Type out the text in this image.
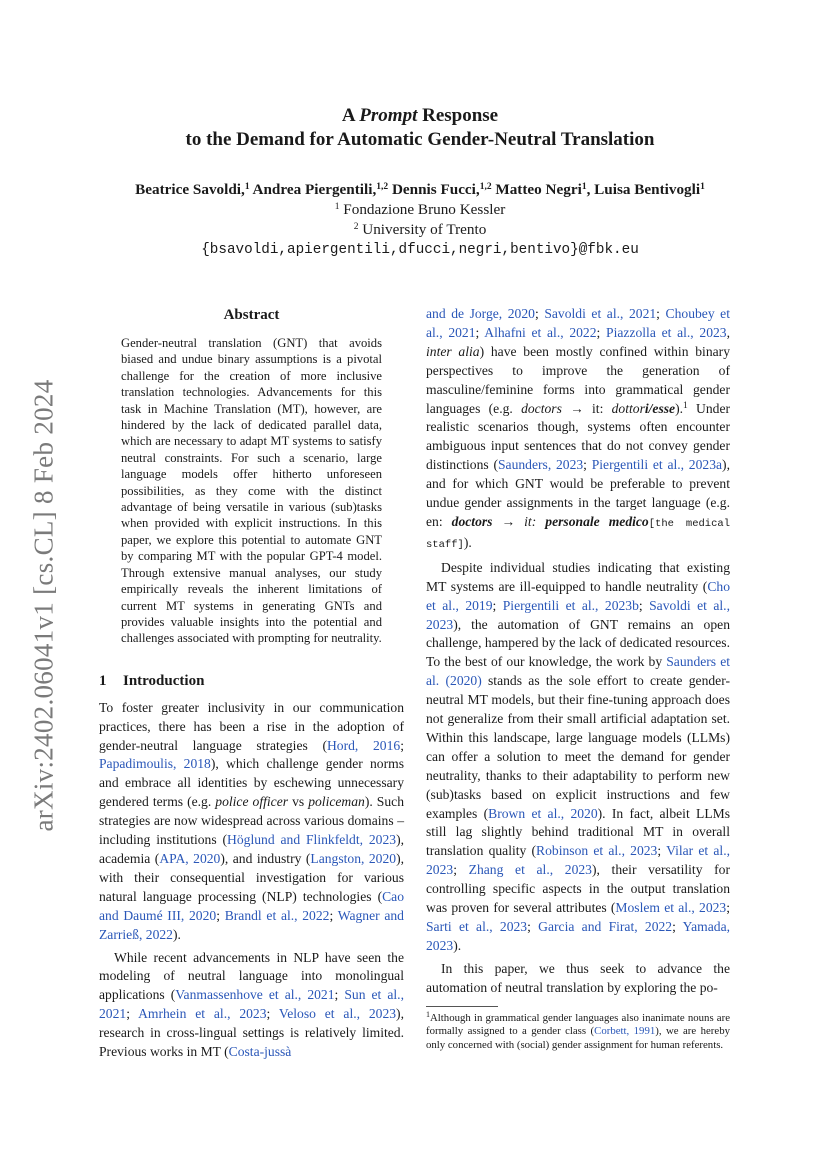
arXiv:2402.06041v1 [cs.CL] 8 Feb 2024
A Prompt Response
to the Demand for Automatic Gender-Neutral Translation
Beatrice Savoldi,$^1$ Andrea Piergentili,$^{1,2}$ Dennis Fucci,$^{1,2}$ Matteo Negri$^1$, Luisa Bentivogli$^1$
$^1$ Fondazione Bruno Kessler
$^2$ University of Trento
{bsavoldi,apiergentili,dfucci,negri,bentivo}@fbk.eu
Abstract

Gender-neutral translation (GNT) that avoids biased and undue binary assumptions is a pivotal challenge for the creation of more inclusive translation technologies. Advancements for this task in Machine Translation (MT), however, are hindered by the lack of dedicated parallel data, which are necessary to adapt MT systems to satisfy neutral constraints. For such a scenario, large language models offer hitherto unforeseen possibilities, as they come with the distinct advantage of being versatile in various (sub)tasks when provided with explicit instructions. In this paper, we explore this potential to automate GNT by comparing MT with the popular GPT-4 model. Through extensive manual analyses, our study empirically reveals the inherent limitations of current MT systems in generating GNTs and provides valuable insights into the potential and challenges associated with prompting for neutrality.

1 Introduction

To foster greater inclusivity in our communication practices, there has been a rise in the adoption of gender-neutral language strategies (Hord, 2016; Papadimoulis, 2018), which challenge gender norms and embrace all identities by eschewing unnecessary gendered terms (e.g. police officer vs policeman). Such strategies are now widespread across various domains – including institutions (Höglund and Flinkfeldt, 2023), academia (APA, 2020), and industry (Langston, 2020), with their consequential investigation for various natural language processing (NLP) technologies (Cao and Daumé III, 2020; Brandl et al., 2022; Wagner and Zarrieß, 2022).

While recent advancements in NLP have seen the modeling of neutral language into monolingual applications (Vanmassenhove et al., 2021; Sun et al., 2021; Amrhein et al., 2023; Veloso et al., 2023), research in cross-lingual settings is relatively limited. Previous works in MT (Costa-jussà

and de Jorge, 2020; Savoldi et al., 2021; Choubey et al., 2021; Alhafni et al., 2022; Piazzolla et al., 2023, inter alia) have been mostly confined within binary perspectives to improve the generation of masculine/feminine forms into grammatical gender languages (e.g. doctors → it: dottori/esse).$^1$ Under realistic scenarios though, systems often encounter ambiguous input sentences that do not convey gender distinctions (Saunders, 2023; Piergentili et al., 2023a), and for which GNT would be preferable to prevent undue gender assignments in the target language (e.g. en: doctors → it: personale medico[the medical staff]).

Despite individual studies indicating that existing MT systems are ill-equipped to handle neutrality (Cho et al., 2019; Piergentili et al., 2023b; Savoldi et al., 2023), the automation of GNT remains an open challenge, hampered by the lack of dedicated resources. To the best of our knowledge, the work by Saunders et al. (2020) stands as the sole effort to create gender-neutral MT models, but their fine-tuning approach does not generalize from their small artificial adaptation set. Within this landscape, large language models (LLMs) can offer a solution to meet the demand for gender neutrality, thanks to their adaptability to perform new (sub)tasks based on explicit instructions and few examples (Brown et al., 2020). In fact, albeit LLMs still lag slightly behind traditional MT in overall translation quality (Robinson et al., 2023; Vilar et al., 2023; Zhang et al., 2023), their versatility for controlling specific aspects in the output translation was proven for several attributes (Moslem et al., 2023; Sarti et al., 2023; Garcia and Firat, 2022; Yamada, 2023).

In this paper, we thus seek to advance the automation of neutral translation by exploring the po-

$^1$Although in grammatical gender languages also inanimate nouns are formally assigned to a gender class (Corbett, 1991), we are hereby only concerned with (social) gender assignment for human referents.
